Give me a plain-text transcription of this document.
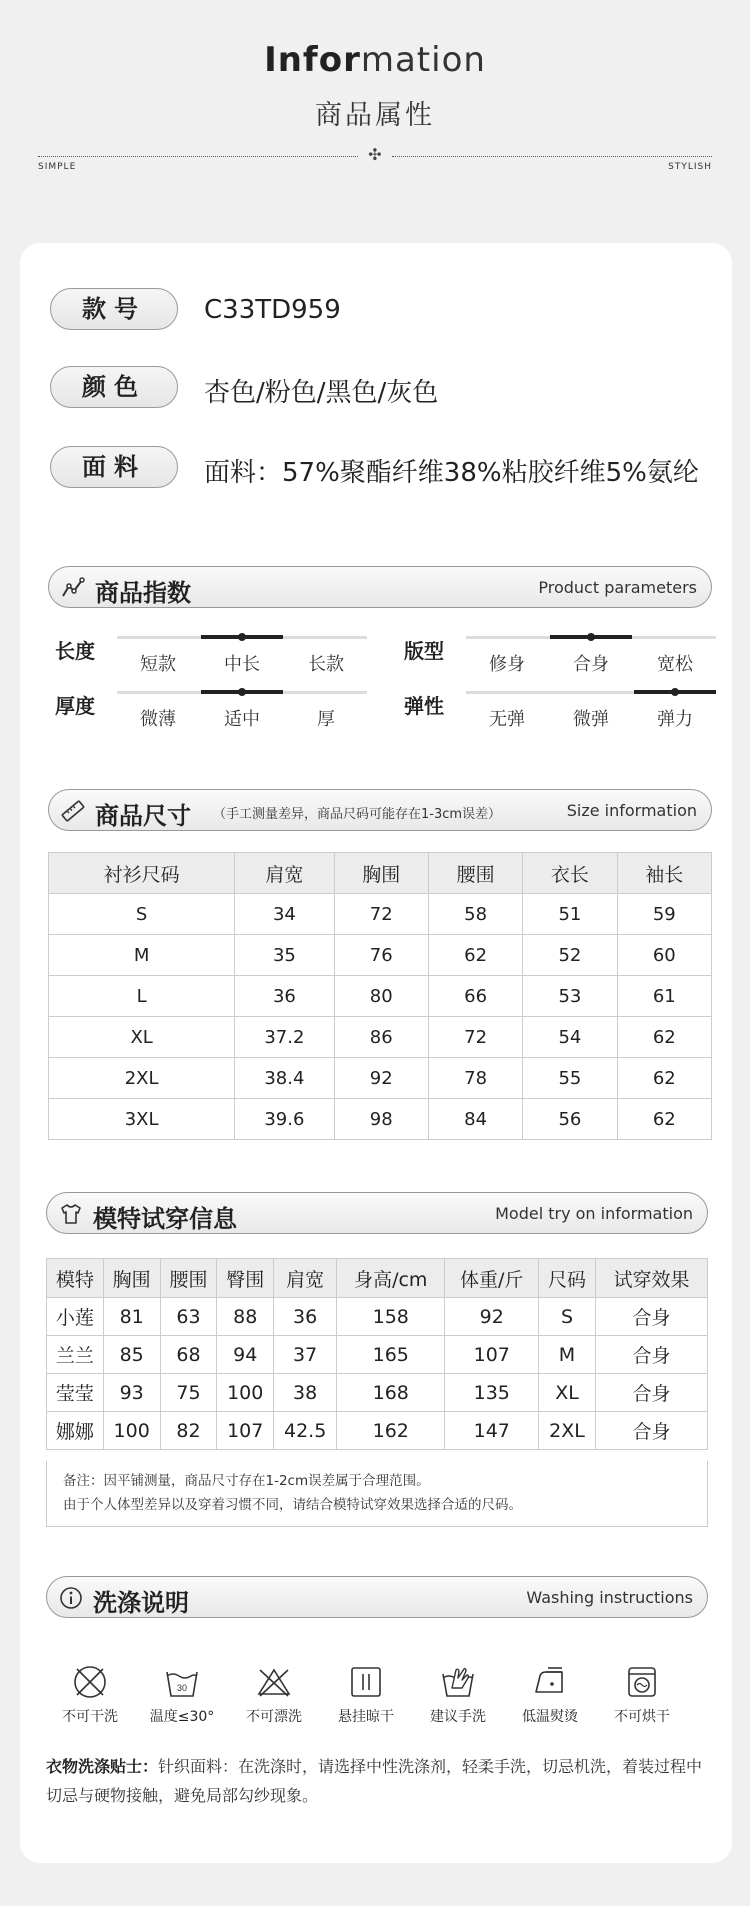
Information
商品属性
✣
SIMPLE	STYLISH
款号	C33TD959
颜色	杏色/粉色/黑色/灰色
面料	面料：57%聚酯纤维38%粘胶纤维5%氨纶
商品指数	Product parameters
长度
短款	中长	长款
版型
修身	合身	宽松
厚度
微薄	适中	厚
弹性
无弹	微弹	弹力
商品尺寸 （手工测量差异，商品尺码可能存在1-3cm误差）	Size information
衬衫尺码	肩宽	胸围	腰围	衣长	袖长
S	34	72	58	51	59
M	35	76	62	52	60
L	36	80	66	53	61
XL	37.2	86	72	54	62
2XL	38.4	92	78	55	62
3XL	39.6	98	84	56	62
模特试穿信息	Model try on information
模特	胸围	腰围	臀围	肩宽	身高/cm	体重/斤	尺码	试穿效果
小莲	81	63	88	36	158	92	S	合身
兰兰	85	68	94	37	165	107	M	合身
莹莹	93	75	100	38	168	135	XL	合身
娜娜	100	82	107	42.5	162	147	2XL	合身
备注：因平铺测量，商品尺寸存在1-2cm误差属于合理范围。
由于个人体型差异以及穿着习惯不同，请结合模特试穿效果选择合适的尺码。
洗涤说明	Washing instructions
不可干洗
30
温度≤30°	不可漂洗	悬挂晾干	建议手洗	低温熨烫	不可烘干
衣物洗涤贴士：针织面料：在洗涤时，请选择中性洗涤剂，轻柔手洗，切忌机洗，着装过程中切忌与硬物接触，避免局部勾纱现象。
